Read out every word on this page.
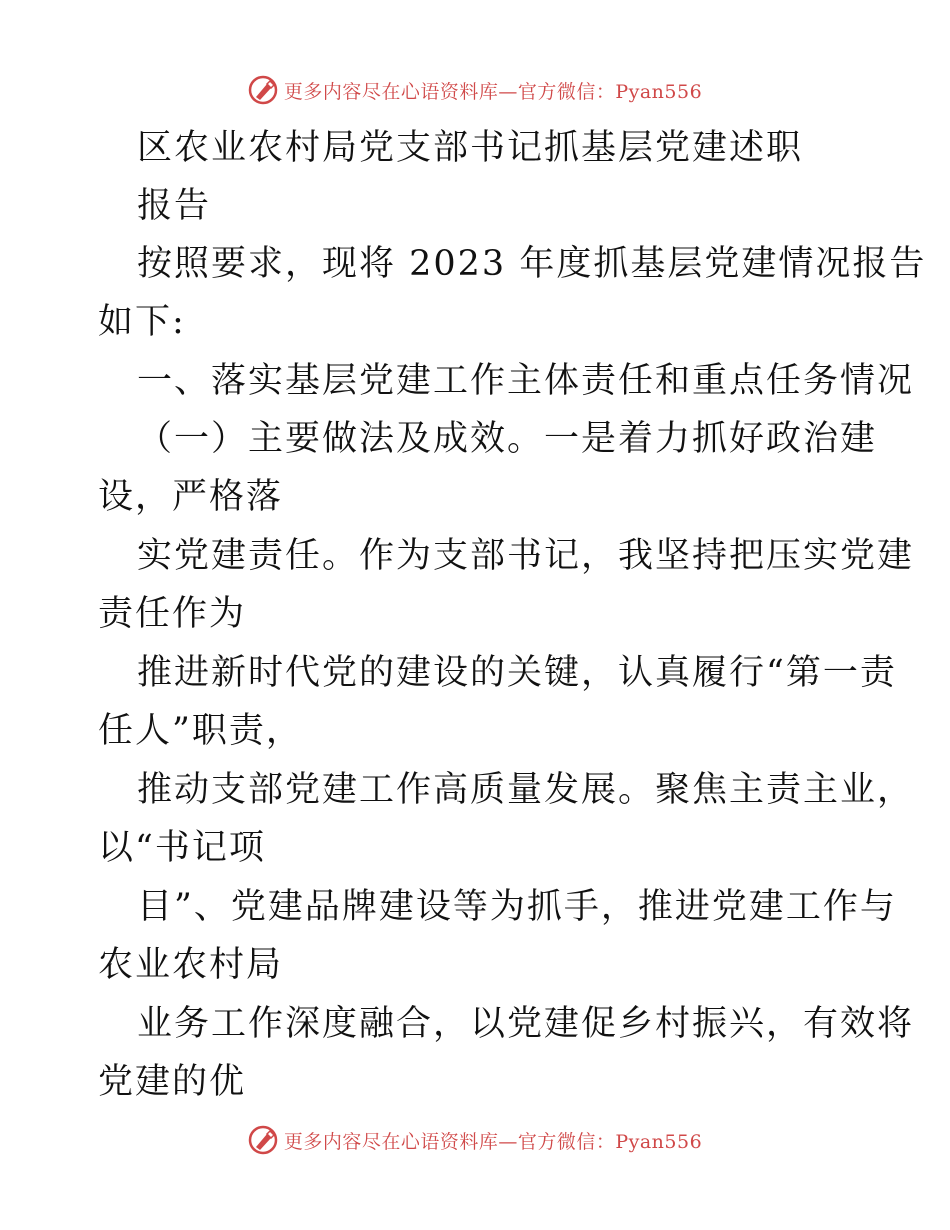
更多内容尽在心语资料库—官方微信：Pyan556
区农业农村局党支部书记抓基层党建述职
报告
按照要求，现将 2023 年度抓基层党建情况报告
如下:
一、落实基层党建工作主体责任和重点任务情况
（一）主要做法及成效。一是着力抓好政治建
设，严格落
实党建责任。作为支部书记，我坚持把压实党建
责任作为
推进新时代党的建设的关键，认真履行“第一责
任人”职责，
推动支部党建工作高质量发展。聚焦主责主业，
以“书记项
目”、党建品牌建设等为抓手，推进党建工作与
农业农村局
业务工作深度融合，以党建促乡村振兴，有效将
党建的优
更多内容尽在心语资料库—官方微信：Pyan556
